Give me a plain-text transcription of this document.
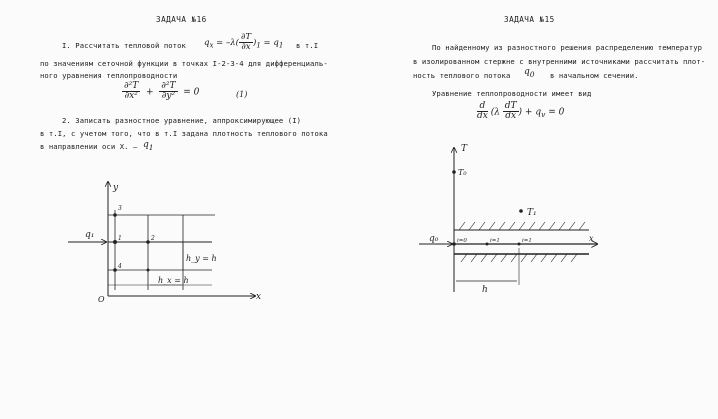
ЗАДАЧА №16
I. Рассчитать тепловой поток $q_x = -\lambda( \frac{\partial T}{\partial x} )_1 = q_1$ в т.I
по значениям сеточной функции в точках I-2-3-4 для дифференциаль-
ного уравнения теплопроводности
$\frac{\text{∂²T}}{\text{∂x²}} + \frac{\text{∂²T}}{\text{∂y²}} = 0$	(1)
2. Записать разностное уравнение, аппроксимирующее (I)
в т.I, с учетом того, что в т.I задана плотность теплового потока
в направлении оси X. – $q_1$
y
x
O
3
1	2
4
q₁
h_y = h
h_x = h
ЗАДАЧА №15
По найденному из разностного решения распределению температур
в изолированном стержне с внутренними источниками рассчитать плот-
ность теплового потока $q_0$ в начальном сечении.
Уравнение теплопроводности имеет вид
$\frac{d}{dx} (\lambda \frac{dT}{dx}$ ) + $q_v = 0$
T
T₀
x
i=0	i=1	i=1
T₁
q₀
h
